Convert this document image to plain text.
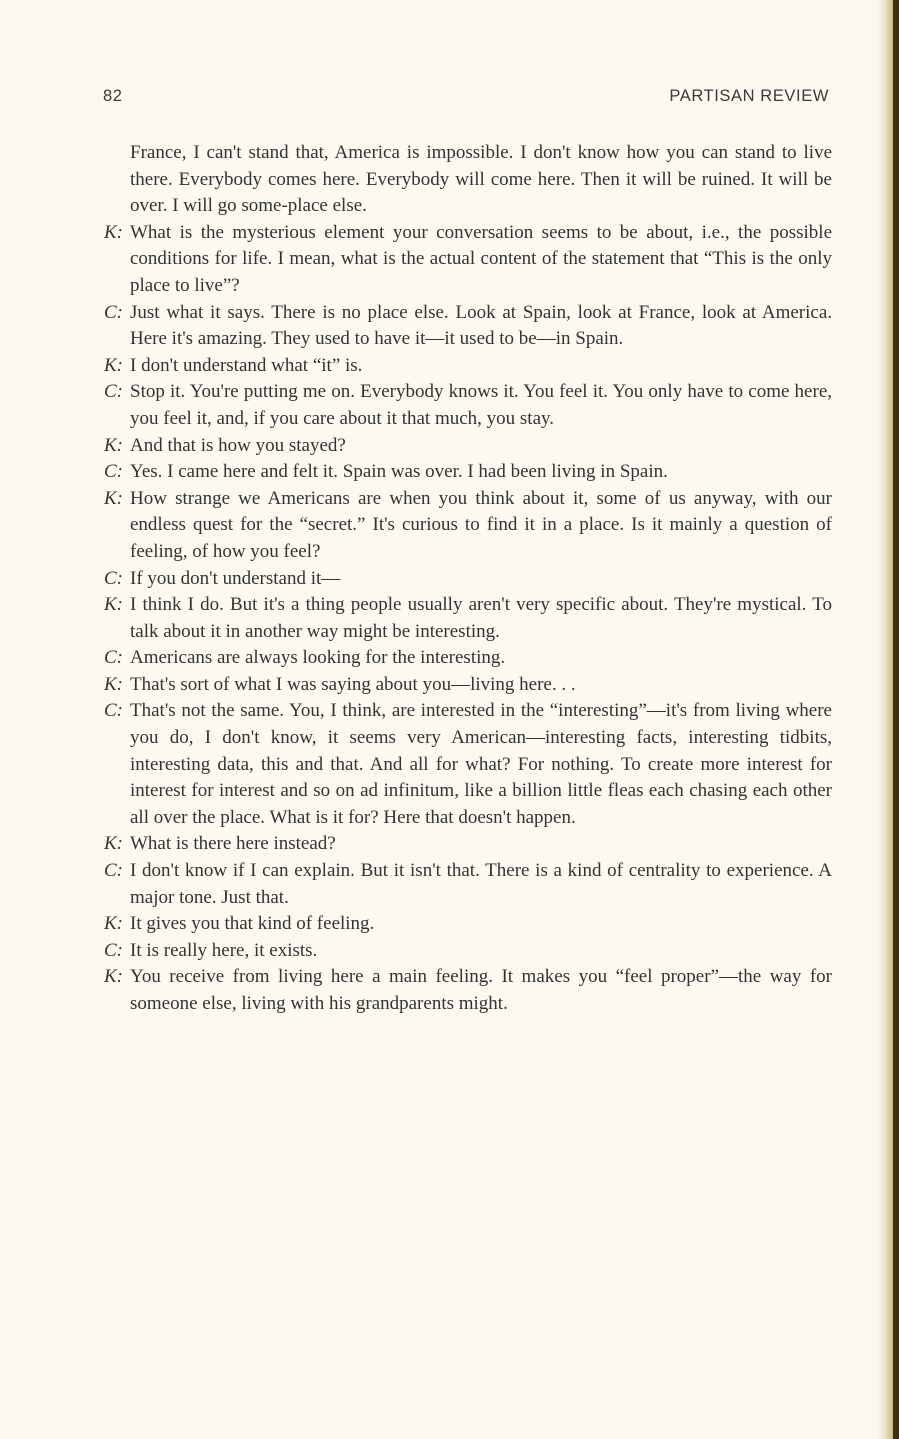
82	PARTISAN REVIEW

France, I can't stand that, America is impossible. I don't know how you can stand to live there. Everybody comes here. Everybody will come here. Then it will be ruined. It will be over. I will go some-place else.

K: What is the mysterious element your conversation seems to be about, i.e., the possible conditions for life. I mean, what is the actual content of the statement that “This is the only place to live”?

C: Just what it says. There is no place else. Look at Spain, look at France, look at America. Here it's amazing. They used to have it—it used to be—in Spain.

K: I don't understand what “it” is.

C: Stop it. You're putting me on. Everybody knows it. You feel it. You only have to come here, you feel it, and, if you care about it that much, you stay.

K: And that is how you stayed?

C: Yes. I came here and felt it. Spain was over. I had been living in Spain.

K: How strange we Americans are when you think about it, some of us anyway, with our endless quest for the “secret.” It's curious to find it in a place. Is it mainly a question of feeling, of how you feel?

C: If you don't understand it—

K: I think I do. But it's a thing people usually aren't very specific about. They're mystical. To talk about it in another way might be interesting.

C: Americans are always looking for the interesting.

K: That's sort of what I was saying about you—living here. . .

C: That's not the same. You, I think, are interested in the “interesting”—it's from living where you do, I don't know, it seems very American—interesting facts, interesting tidbits, interesting data, this and that. And all for what? For nothing. To create more interest for interest for interest and so on ad infinitum, like a billion little fleas each chasing each other all over the place. What is it for? Here that doesn't happen.

K: What is there here instead?

C: I don't know if I can explain. But it isn't that. There is a kind of centrality to experience. A major tone. Just that.

K: It gives you that kind of feeling.

C: It is really here, it exists.

K: You receive from living here a main feeling. It makes you “feel proper”—the way for someone else, living with his grandparents might.
